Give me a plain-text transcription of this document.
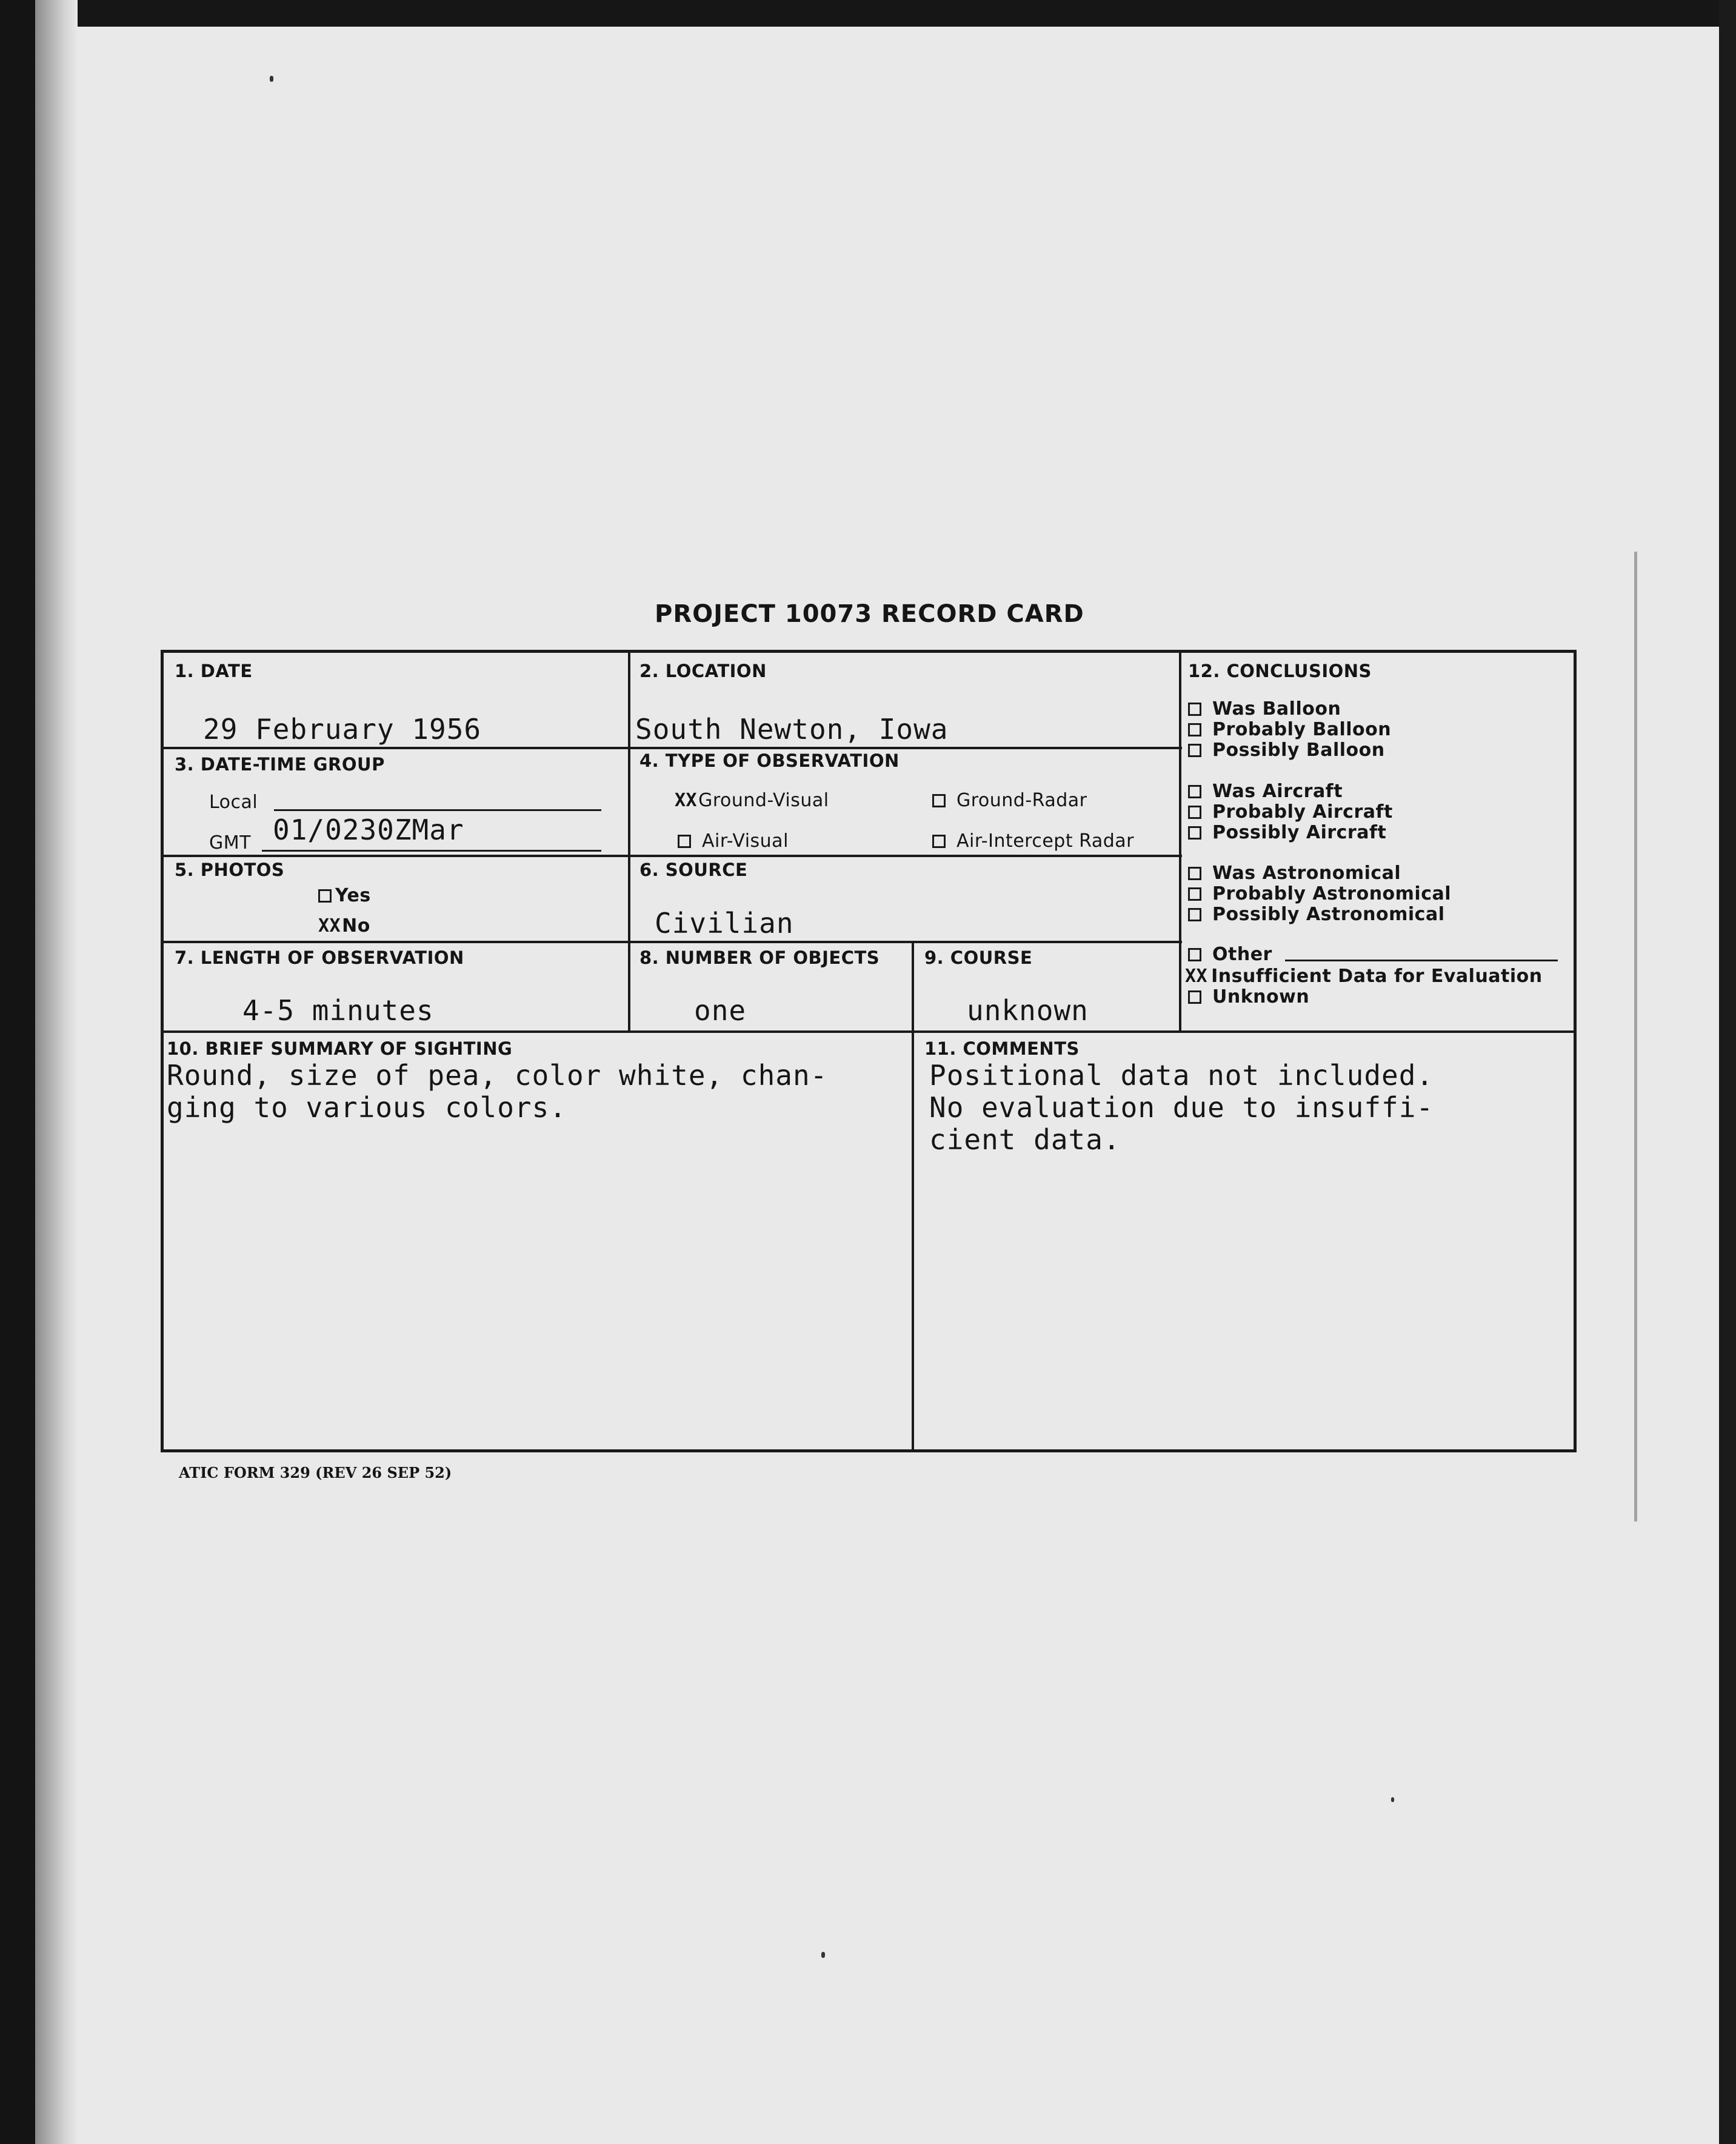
PROJECT 10073 RECORD CARD
1. DATE
29 February 1956
2. LOCATION
South Newton, Iowa
3. DATE-TIME GROUP
Local
GMT 01/0230ZMar
4. TYPE OF OBSERVATION
XX Ground-Visual	Ground-Radar
Air-Visual	Air-Intercept Radar
5. PHOTOS
Yes
XX No
6. SOURCE
Civilian
7. LENGTH OF OBSERVATION
4-5 minutes
8. NUMBER OF OBJECTS
one
9. COURSE
unknown
10. BRIEF SUMMARY OF SIGHTING
Round, size of pea, color white, chan-
ging to various colors.
11. COMMENTS
Positional data not included.
No evaluation due to insuffi-
cient data.
12. CONCLUSIONS
Was Balloon
Probably Balloon
Possibly Balloon
Was Aircraft
Probably Aircraft
Possibly Aircraft
Was Astronomical
Probably Astronomical
Possibly Astronomical
Other
XX Insufficient Data for Evaluation
Unknown
ATIC FORM 329 (REV 26 SEP 52)
